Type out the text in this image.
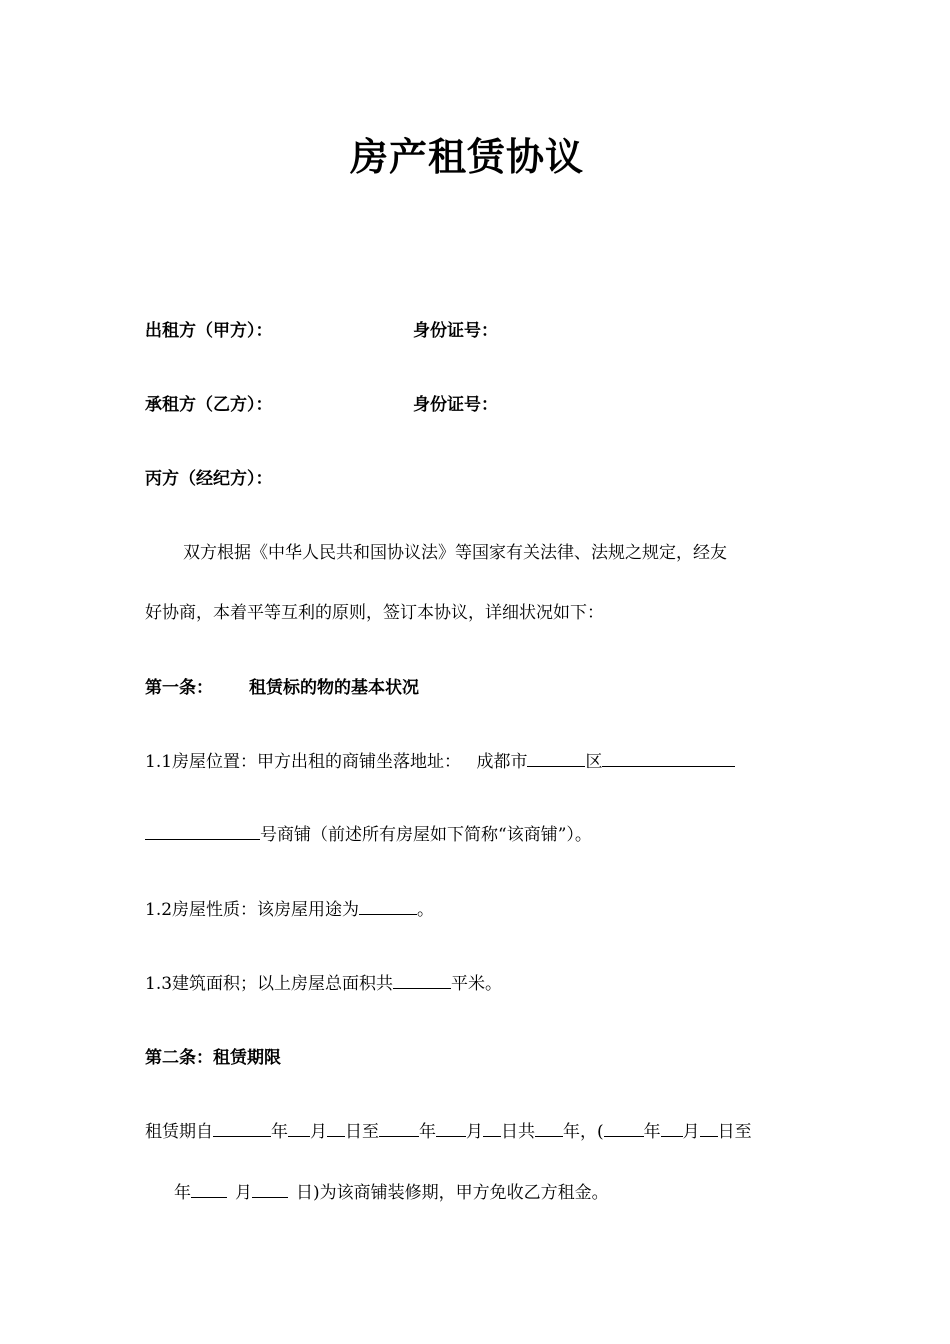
房产租赁协议
出租方（甲方）：	身份证号：
承租方（乙方）：	身份证号：
丙方（经纪方）：
双方根据《中华人民共和国协议法》等国家有关法律、法规之规定，经友
好协商，本着平等互利的原则，签订本协议，详细状况如下：
第一条： 租赁标的物的基本状况
1.1房屋位置：甲方出租的商铺坐落地址： 成都市	区
号商铺（前述所有房屋如下简称“该商铺”）。
1.2房屋性质：该房屋用途为	。
1.3建筑面积；以上房屋总面积共	平米。
第二条：租赁期限
租赁期自	年 月 日至 年 月 日共 年，( 年 月 日至
年	月	日)为该商铺装修期，甲方免收乙方租金。
